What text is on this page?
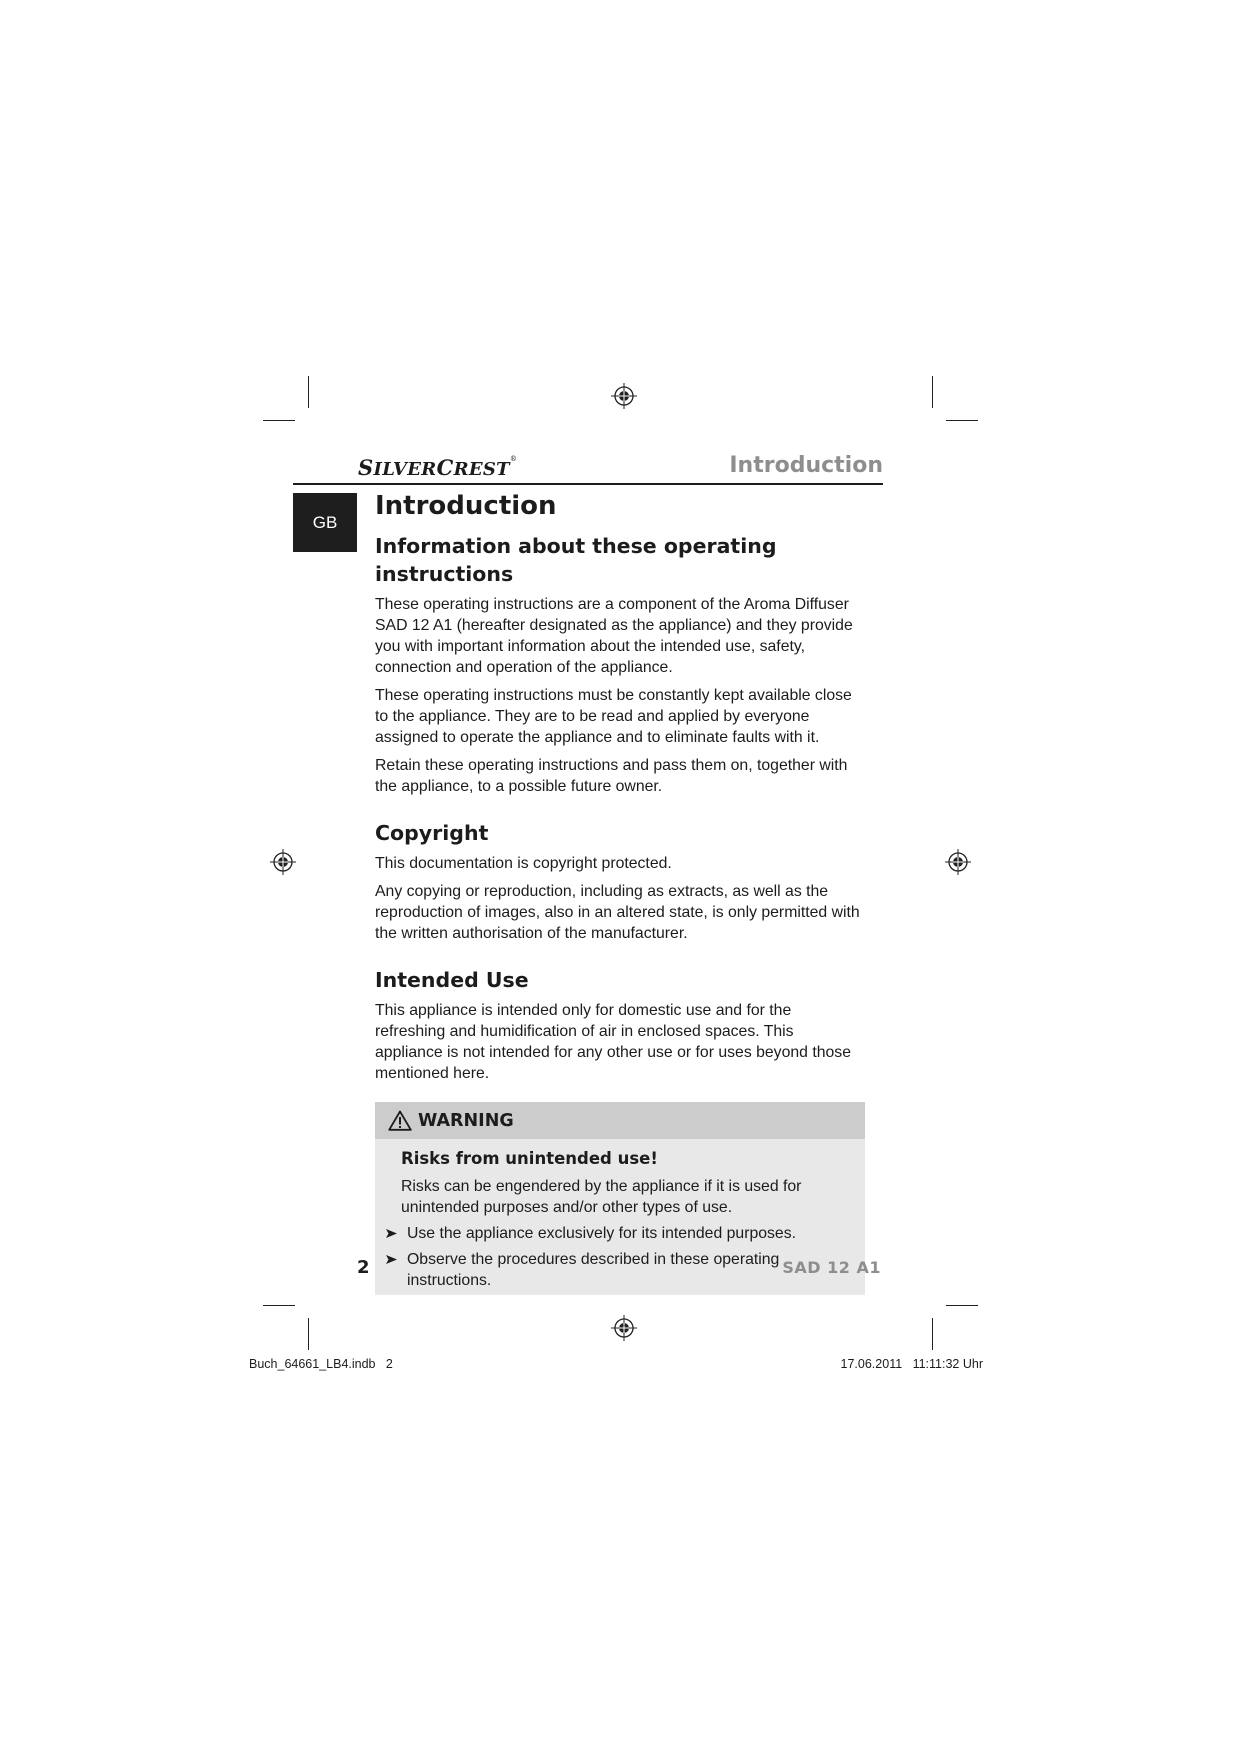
SILVERCREST®	Introduction
GB
Introduction
Information about these operating instructions

These operating instructions are a component of the Aroma Diffuser SAD 12 A1 (hereafter designated as the appliance) and they provide you with important information about the intended use, safety, connection and operation of the appliance.

These operating instructions must be constantly kept available close to the appliance. They are to be read and applied by everyone assigned to operate the appliance and to eliminate faults with it.

Retain these operating instructions and pass them on, together with the appliance, to a possible future owner.

Copyright

This documentation is copyright protected.

Any copying or reproduction, including as extracts, as well as the reproduction of images, also in an altered state, is only permitted with the written authorisation of the manufacturer.

Intended Use

This appliance is intended only for domestic use and for the refreshing and humidification of air in enclosed spaces. This appliance is not intended for any other use or for uses beyond those mentioned here.

WARNING
Risks from unintended use!

Risks can be engendered by the appliance if it is used for unintended purposes and/or other types of use.

Use the appliance exclusively for its intended purposes.

Observe the procedures described in these operating instructions.

2	SAD 12 A1
Buch_64661_LB4.indb   2	17.06.2011   11:11:32 Uhr
